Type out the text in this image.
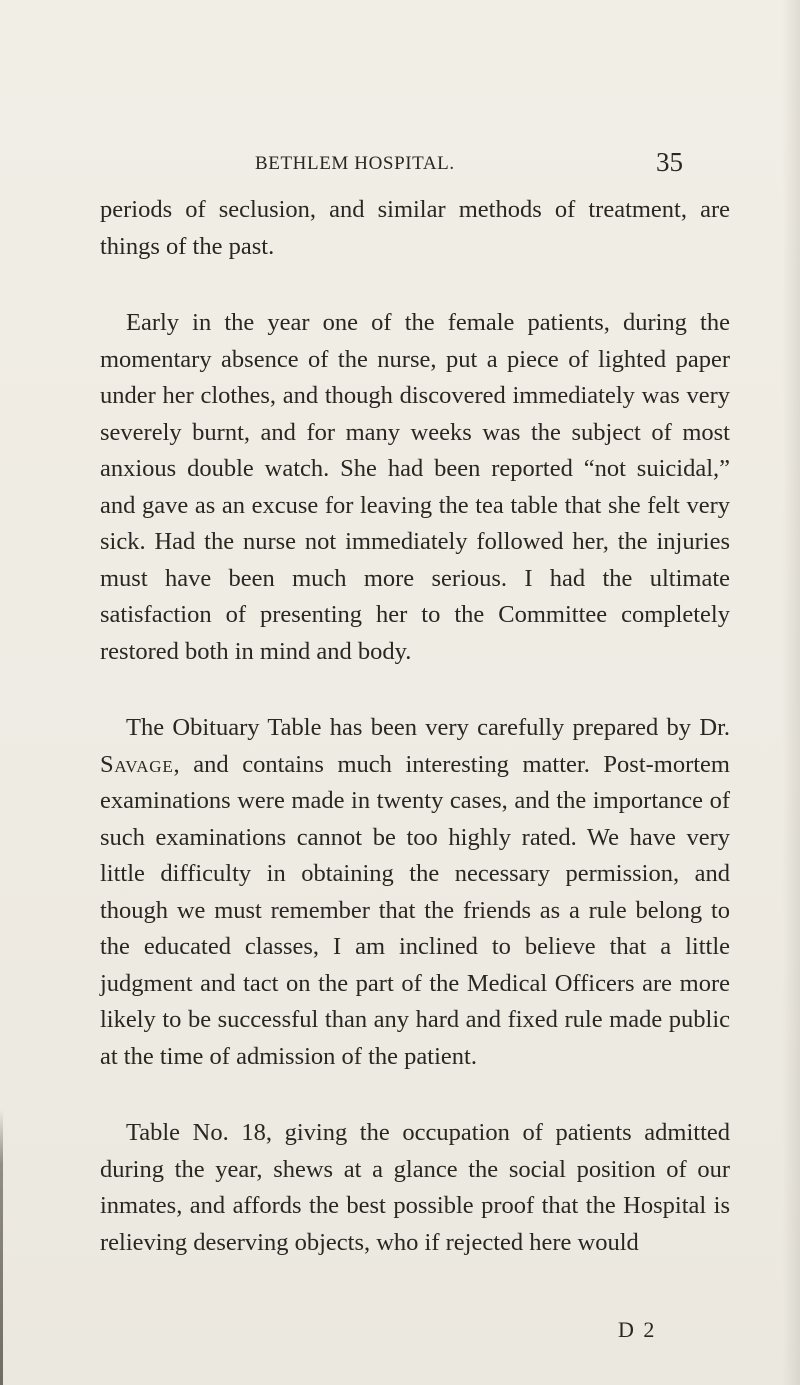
BETHLEM HOSPITAL.	35

periods of seclusion, and similar methods of treatment, are things of the past.

Early in the year one of the female patients, during the momentary absence of the nurse, put a piece of lighted paper under her clothes, and though discovered immediately was very severely burnt, and for many weeks was the subject of most anxious double watch. She had been reported “not suicidal,” and gave as an excuse for leaving the tea table that she felt very sick. Had the nurse not immediately followed her, the injuries must have been much more serious. I had the ultimate satisfaction of presenting her to the Committee completely restored both in mind and body.

The Obituary Table has been very carefully prepared by Dr. Savage, and contains much interesting matter. Post-mortem examinations were made in twenty cases, and the importance of such examinations cannot be too highly rated. We have very little difficulty in obtaining the necessary permission, and though we must remember that the friends as a rule belong to the educated classes, I am inclined to believe that a little judgment and tact on the part of the Medical Officers are more likely to be successful than any hard and fixed rule made public at the time of admission of the patient.

Table No. 18, giving the occupation of patients admitted during the year, shews at a glance the social position of our inmates, and affords the best possible proof that the Hospital is relieving deserving objects, who if rejected here would

D 2
